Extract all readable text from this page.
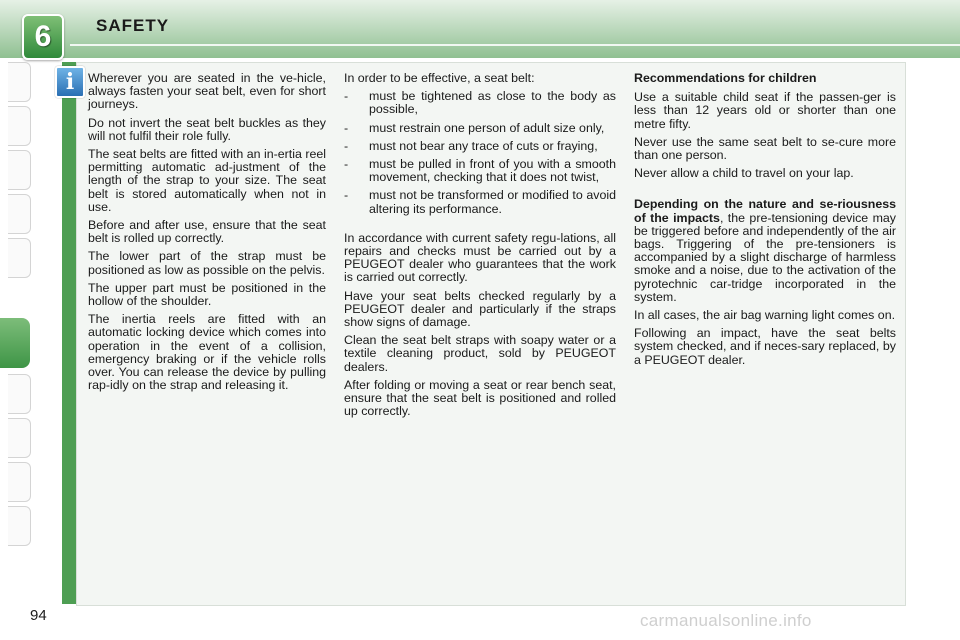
6	SAFETY
i Wherever you are seated in the ve-hicle, always fasten your seat belt, even for short journeys.

Do not invert the seat belt buckles as they will not fulfil their role fully.

The seat belts are fitted with an in-ertia reel permitting automatic ad-justment of the length of the strap to your size. The seat belt is stored automatically when not in use.

Before and after use, ensure that the seat belt is rolled up correctly.

The lower part of the strap must be positioned as low as possible on the pelvis.

The upper part must be positioned in the hollow of the shoulder.

The inertia reels are fitted with an automatic locking device which comes into operation in the event of a collision, emergency braking or if the vehicle rolls over. You can release the device by pulling rap-idly on the strap and releasing it.

In order to be effective, a seat belt:

- must be tightened as close to the body as possible,
- must restrain one person of adult size only,
- must not bear any trace of cuts or fraying,
- must be pulled in front of you with a smooth movement, checking that it does not twist,
- must not be transformed or modified to avoid altering its performance.

In accordance with current safety regu-lations, all repairs and checks must be carried out by a PEUGEOT dealer who guarantees that the work is carried out correctly.

Have your seat belts checked regularly by a PEUGEOT dealer and particularly if the straps show signs of damage.

Clean the seat belt straps with soapy water or a textile cleaning product, sold by PEUGEOT dealers.

After folding or moving a seat or rear bench seat, ensure that the seat belt is positioned and rolled up correctly.

Recommendations for children

Use a suitable child seat if the passen-ger is less than 12 years old or shorter than one metre fifty.

Never use the same seat belt to se-cure more than one person.

Never allow a child to travel on your lap.

Depending on the nature and se-riousness of the impacts, the pre-tensioning device may be triggered before and independently of the air bags. Triggering of the pre-tensioners is accompanied by a slight discharge of harmless smoke and a noise, due to the activation of the pyrotechnic car-tridge incorporated in the system.

In all cases, the air bag warning light comes on.

Following an impact, have the seat belts system checked, and if neces-sary replaced, by a PEUGEOT dealer.

94	carmanualsonline.info
